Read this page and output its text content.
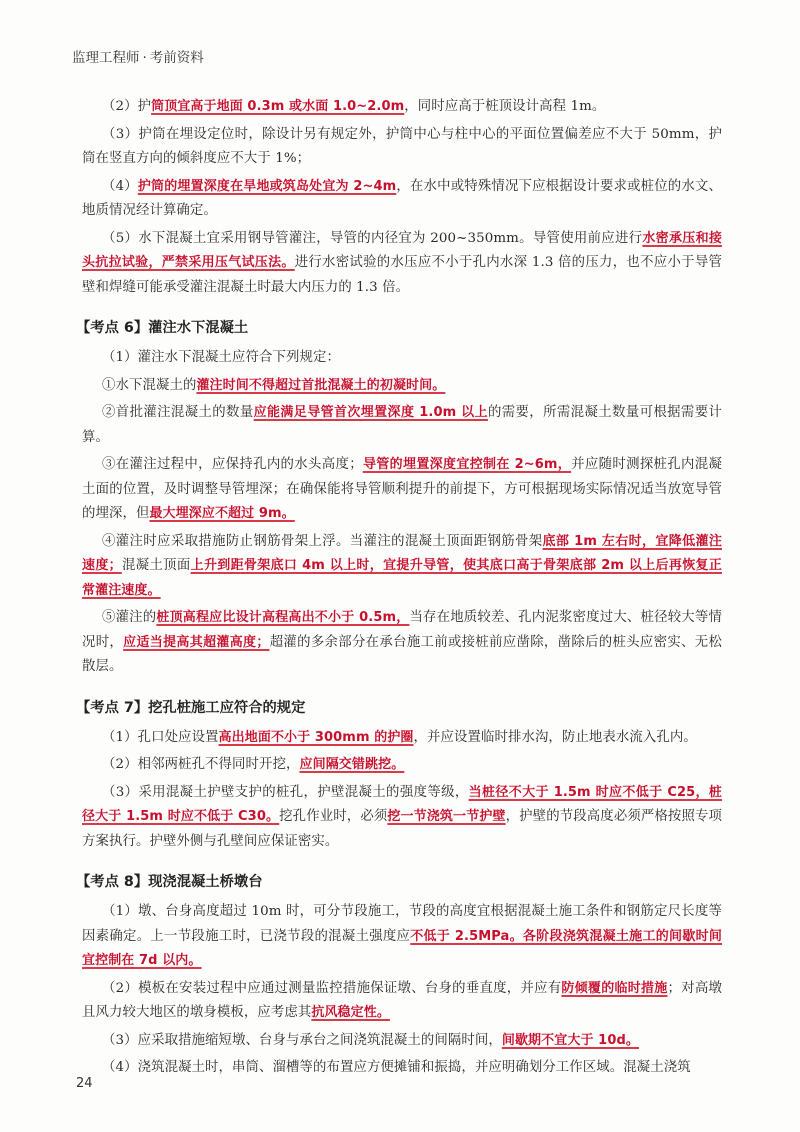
监理工程师 · 考前资料

（2）护筒顶宜高于地面 0.3m 或水面 1.0~2.0m，同时应高于桩顶设计高程 1m。

（3）护筒在埋设定位时，除设计另有规定外，护筒中心与柱中心的平面位置偏差应不大于 50mm，护筒在竖直方向的倾斜度应不大于 1%；

（4）护筒的埋置深度在旱地或筑岛处宜为 2~4m，在水中或特殊情况下应根据设计要求或桩位的水文、地质情况经计算确定。

（5）水下混凝土宜采用钢导管灌注，导管的内径宜为 200~350mm。导管使用前应进行水密承压和接头抗拉试验，严禁采用压气试压法。进行水密试验的水压应不小于孔内水深 1.3 倍的压力，也不应小于导管壁和焊缝可能承受灌注混凝土时最大内压力的 1.3 倍。

【考点 6】灌注水下混凝土

（1）灌注水下混凝土应符合下列规定：

①水下混凝土的灌注时间不得超过首批混凝土的初凝时间。

②首批灌注混凝土的数量应能满足导管首次埋置深度 1.0m 以上的需要，所需混凝土数量可根据需要计算。

③在灌注过程中，应保持孔内的水头高度；导管的埋置深度宜控制在 2~6m，并应随时测探桩孔内混凝土面的位置，及时调整导管埋深；在确保能将导管顺利提升的前提下，方可根据现场实际情况适当放宽导管的埋深，但最大埋深应不超过 9m。

④灌注时应采取措施防止钢筋骨架上浮。当灌注的混凝土顶面距钢筋骨架底部 1m 左右时，宜降低灌注速度；混凝土顶面上升到距骨架底口 4m 以上时，宜提升导管，使其底口高于骨架底部 2m 以上后再恢复正常灌注速度。

⑤灌注的桩顶高程应比设计高程高出不小于 0.5m，当存在地质较差、孔内泥浆密度过大、桩径较大等情况时，应适当提高其超灌高度；超灌的多余部分在承台施工前或接桩前应凿除，凿除后的桩头应密实、无松散层。

【考点 7】挖孔桩施工应符合的规定

（1）孔口处应设置高出地面不小于 300mm 的护圈，并应设置临时排水沟，防止地表水流入孔内。

（2）相邻两桩孔不得同时开挖，应间隔交错跳挖。

（3）采用混凝土护壁支护的桩孔，护壁混凝土的强度等级，当桩径不大于 1.5m 时应不低于 C25，桩径大于 1.5m 时应不低于 C30。挖孔作业时，必须挖一节浇筑一节护壁，护壁的节段高度必须严格按照专项方案执行。护壁外侧与孔壁间应保证密实。

【考点 8】现浇混凝土桥墩台

（1）墩、台身高度超过 10m 时，可分节段施工，节段的高度宜根据混凝土施工条件和钢筋定尺长度等因素确定。上一节段施工时，已浇节段的混凝土强度应不低于 2.5MPa。各阶段浇筑混凝土施工的间歇时间宜控制在 7d 以内。

（2）模板在安装过程中应通过测量监控措施保证墩、台身的垂直度，并应有防倾覆的临时措施；对高墩且风力较大地区的墩身模板，应考虑其抗风稳定性。

（3）应采取措施缩短墩、台身与承台之间浇筑混凝土的间隔时间，间歇期不宜大于 10d。

（4）浇筑混凝土时，串筒、溜槽等的布置应方便摊铺和振捣，并应明确划分工作区域。混凝土浇筑

24
